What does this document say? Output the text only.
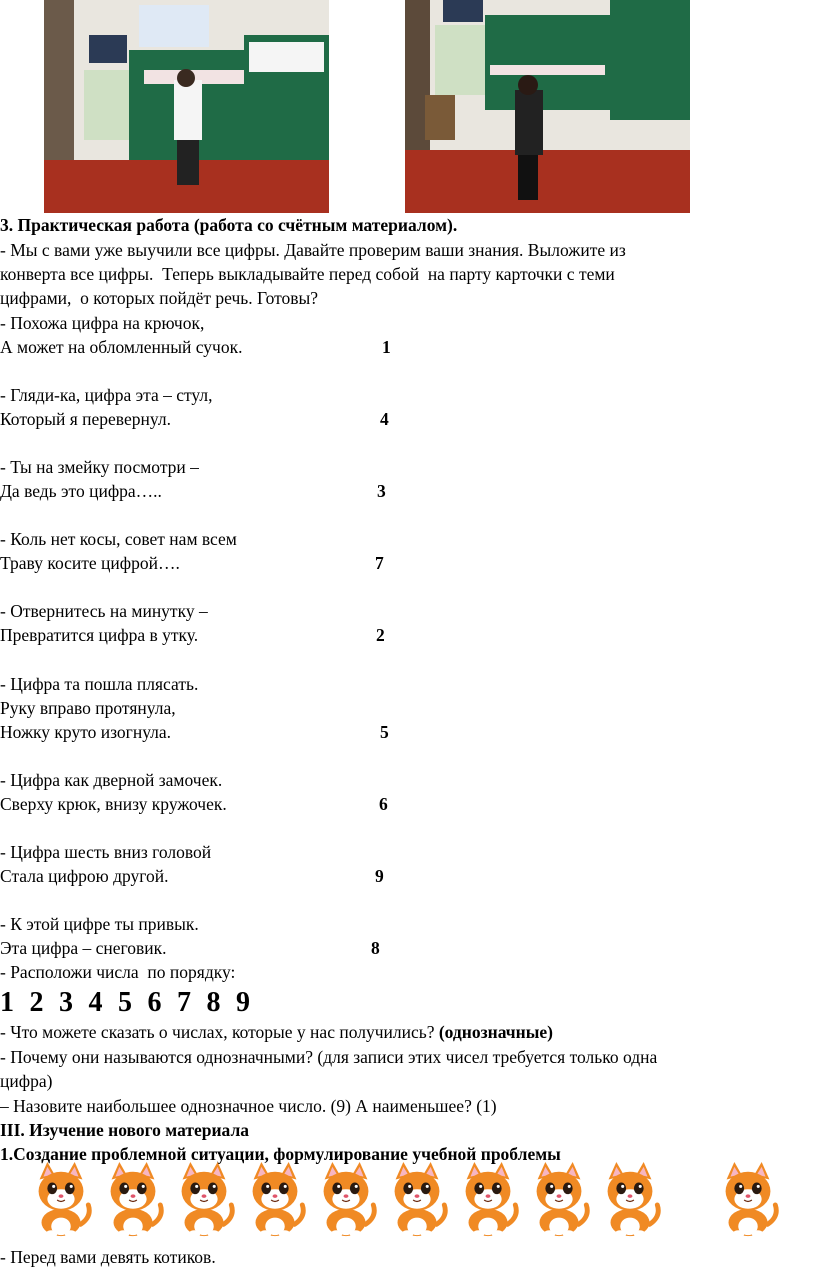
3. Практическая работа (работа со счётным материалом).

- Мы с вами уже выучили все цифры. Давайте проверим ваши знания. Выложите из

конверта все цифры.  Теперь выкладывайте перед собой  на парту карточки с теми

цифрами,  о которых пойдёт речь. Готовы?

- Похожа цифра на крючок,

А может на обломленный сучок.	1

- Гляди-ка, цифра эта – стул,

Который я перевернул.	4

- Ты на змейку посмотри –

Да ведь это цифра…..	3

- Коль нет косы, совет нам всем

Траву косите цифрой….	7

- Отвернитесь на минутку –

Превратится цифра в утку.	2

- Цифра та пошла плясать.

Руку вправо протянула,

Ножку круто изогнула.	5

- Цифра как дверной замочек.

Сверху крюк, внизу кружочек.	6

- Цифра шесть вниз головой

Стала цифрою другой.	9

- К этой цифре ты привык.

Эта цифра – снеговик.	8

- Расположи числа  по порядку:

1  2  3  4  5  6  7  8  9

- Что можете сказать о числах, которые у нас получились? (однозначные)

- Почему они называются однозначными? (для записи этих чисел требуется только одна

цифра)

– Назовите наибольшее однозначное число. (9) А наименьшее? (1)

III. Изучение нового материала

1.Создание проблемной ситуации, формулирование учебной проблемы

- Перед вами девять котиков.
